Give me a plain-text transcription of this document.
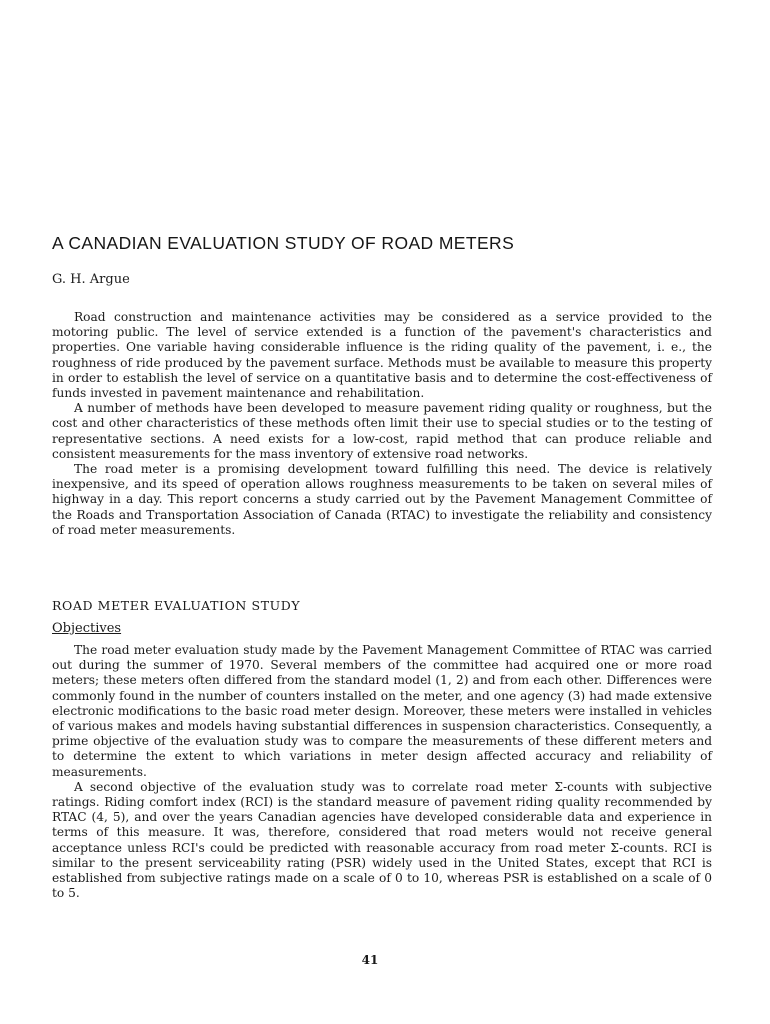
A CANADIAN EVALUATION STUDY OF ROAD METERS
G. H. Argue

Road construction and maintenance activities may be considered as a service provided to the motoring public. The level of service extended is a function of the pavement's characteristics and properties. One variable having considerable influence is the riding quality of the pavement, i. e., the roughness of ride produced by the pavement surface. Methods must be available to measure this property in order to establish the level of service on a quantitative basis and to determine the cost-effectiveness of funds invested in pavement maintenance and rehabilitation.

A number of methods have been developed to measure pavement riding quality or roughness, but the cost and other characteristics of these methods often limit their use to special studies or to the testing of representative sections. A need exists for a low-cost, rapid method that can produce reliable and consistent measurements for the mass inventory of extensive road networks.

The road meter is a promising development toward fulfilling this need. The device is relatively inexpensive, and its speed of operation allows roughness measurements to be taken on several miles of highway in a day. This report concerns a study carried out by the Pavement Management Committee of the Roads and Transportation Association of Canada (RTAC) to investigate the reliability and consistency of road meter measurements.

ROAD METER EVALUATION STUDY
Objectives

The road meter evaluation study made by the Pavement Management Committee of RTAC was carried out during the summer of 1970. Several members of the committee had acquired one or more road meters; these meters often differed from the standard model (1, 2) and from each other. Differences were commonly found in the number of counters installed on the meter, and one agency (3) had made extensive electronic modifications to the basic road meter design. Moreover, these meters were installed in vehicles of various makes and models having substantial differences in suspension characteristics. Consequently, a prime objective of the evaluation study was to compare the measurements of these different meters and to determine the extent to which variations in meter design affected accuracy and reliability of measurements.

A second objective of the evaluation study was to correlate road meter Σ-counts with subjective ratings. Riding comfort index (RCI) is the standard measure of pavement riding quality recommended by RTAC (4, 5), and over the years Canadian agencies have developed considerable data and experience in terms of this measure. It was, therefore, considered that road meters would not receive general acceptance unless RCI's could be predicted with reasonable accuracy from road meter Σ-counts. RCI is similar to the present serviceability rating (PSR) widely used in the United States, except that RCI is established from subjective ratings made on a scale of 0 to 10, whereas PSR is established on a scale of 0 to 5.

41
